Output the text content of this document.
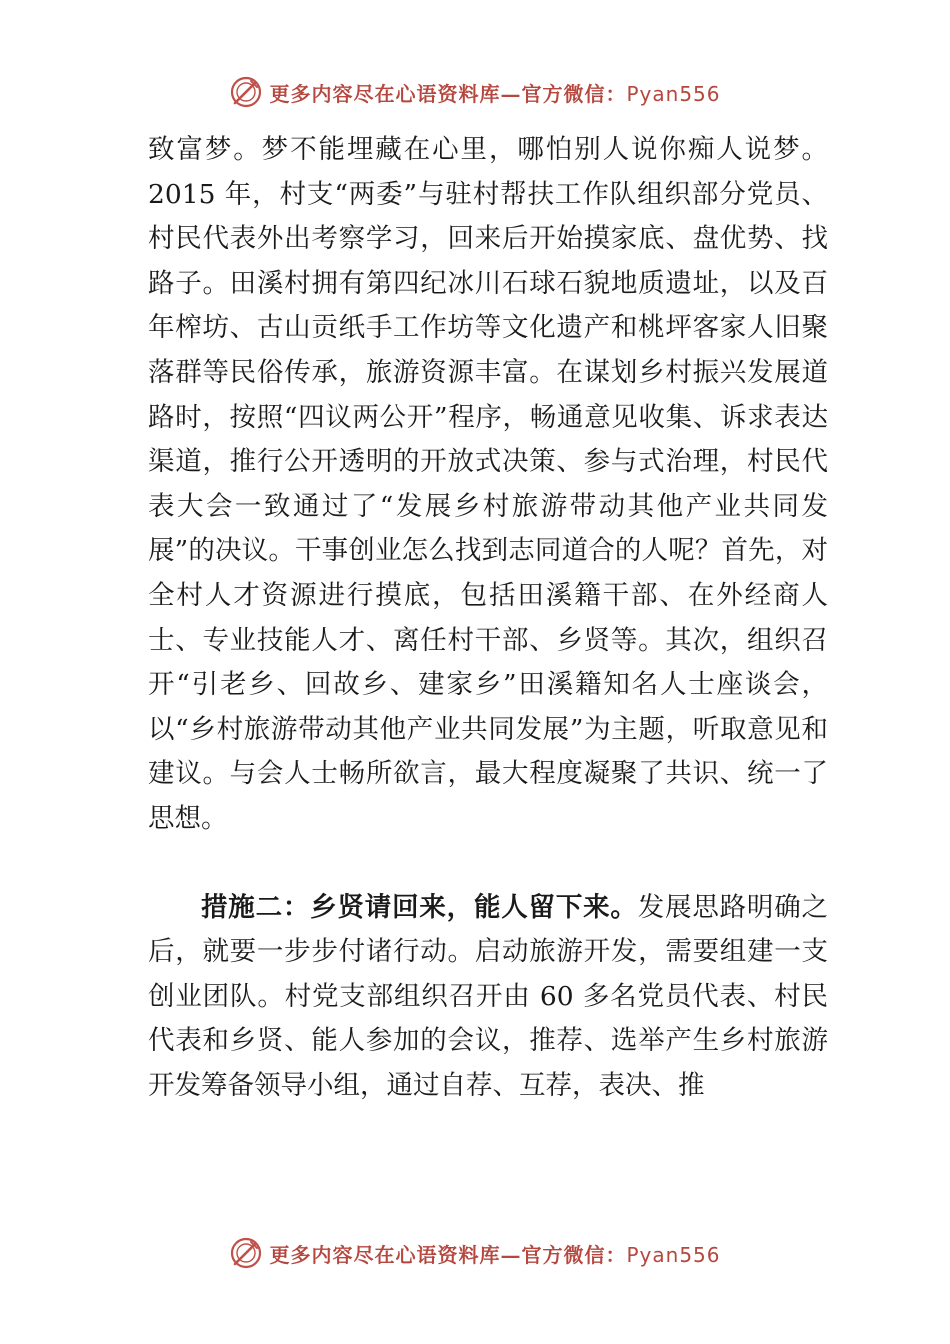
更多内容尽在心语资料库—官方微信：Pyan556

致富梦。梦不能埋藏在心里，哪怕别人说你痴人说梦。2015 年，村支“两委”与驻村帮扶工作队组织部分党员、村民代表外出考察学习，回来后开始摸家底、盘优势、找路子。田溪村拥有第四纪冰川石球石貌地质遗址，以及百年榨坊、古山贡纸手工作坊等文化遗产和桃坪客家人旧聚落群等民俗传承，旅游资源丰富。在谋划乡村振兴发展道路时，按照“四议两公开”程序，畅通意见收集、诉求表达渠道，推行公开透明的开放式决策、参与式治理，村民代表大会一致通过了“发展乡村旅游带动其他产业共同发展”的决议。干事创业怎么找到志同道合的人呢？首先，对全村人才资源进行摸底，包括田溪籍干部、在外经商人士、专业技能人才、离任村干部、乡贤等。其次，组织召开“引老乡、回故乡、建家乡”田溪籍知名人士座谈会，以“乡村旅游带动其他产业共同发展”为主题，听取意见和建议。与会人士畅所欲言，最大程度凝聚了共识、统一了思想。

措施二：乡贤请回来，能人留下来。发展思路明确之后，就要一步步付诸行动。启动旅游开发，需要组建一支创业团队。村党支部组织召开由 60 多名党员代表、村民代表和乡贤、能人参加的会议，推荐、选举产生乡村旅游开发筹备领导小组，通过自荐、互荐，表决、推

更多内容尽在心语资料库—官方微信：Pyan556
